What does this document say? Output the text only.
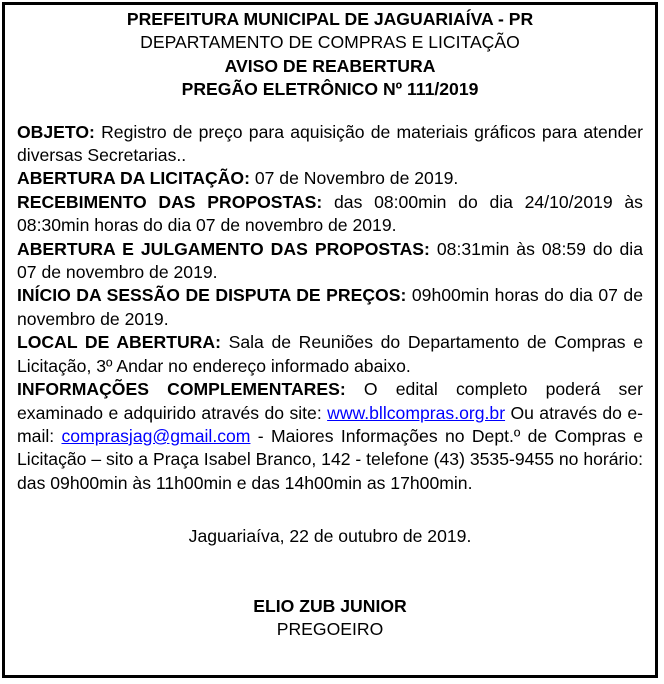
PREFEITURA MUNICIPAL DE JAGUARIAÍVA - PR
DEPARTAMENTO DE COMPRAS E LICITAÇÃO
AVISO DE REABERTURA
PREGÃO ELETRÔNICO Nº 111/2019

OBJETO: Registro de preço para aquisição de materiais gráficos para atender diversas Secretarias..

ABERTURA DA LICITAÇÃO: 07 de Novembro de 2019.

RECEBIMENTO DAS PROPOSTAS: das 08:00min do dia 24/10/2019 às 08:30min horas do dia 07 de novembro de 2019.

ABERTURA E JULGAMENTO DAS PROPOSTAS: 08:31min às 08:59 do dia 07 de novembro de 2019.

INÍCIO DA SESSÃO DE DISPUTA DE PREÇOS: 09h00min horas do dia 07 de novembro de 2019.

LOCAL DE ABERTURA: Sala de Reuniões do Departamento de Compras e Licitação, 3º Andar no endereço informado abaixo.

INFORMAÇÕES COMPLEMENTARES: O edital completo poderá ser examinado e adquirido através do site: www.bllcompras.org.br Ou através do e-mail: comprasjag@gmail.com - Maiores Informações no Dept.º de Compras e Licitação – sito a Praça Isabel Branco, 142 - telefone (43) 3535-9455 no horário: das 09h00min às 11h00min e das 14h00min as 17h00min.

Jaguariaíva, 22 de outubro de 2019.

ELIO ZUB JUNIOR
PREGOEIRO
